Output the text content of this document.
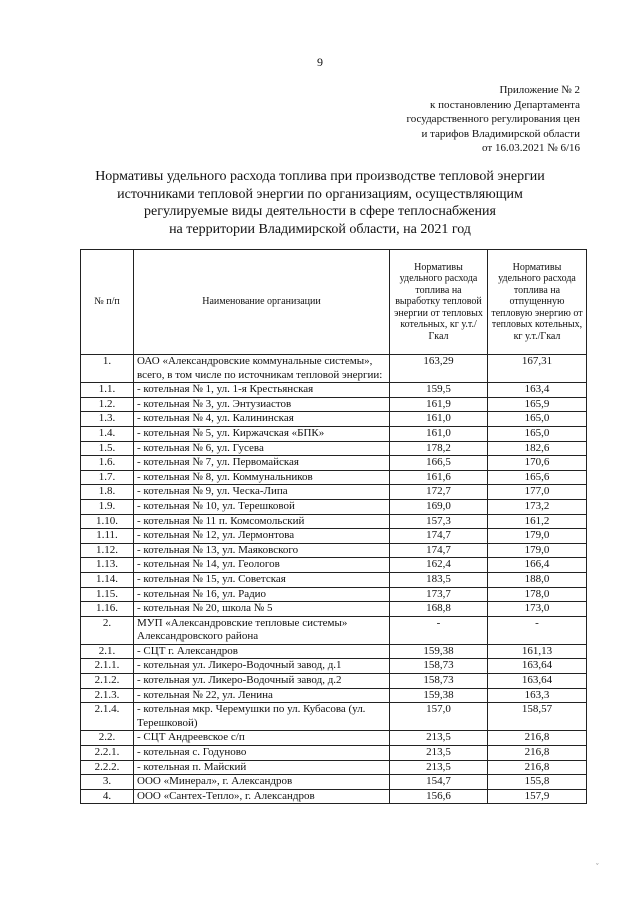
9
Приложение № 2
к постановлению Департамента
государственного регулирования цен
и тарифов Владимирской области
от 16.03.2021 № 6/16
Нормативы удельного расхода топлива при производстве тепловой энергии
источниками тепловой энергии по организациям, осуществляющим
регулируемые виды деятельности в сфере теплоснабжения
на территории Владимирской области, на 2021 год
№ п/п	Наименование организации	Нормативы удельного расхода топлива на выработку тепловой энергии от тепловых котельных, кг у.т./Гкал	Нормативы удельного расхода топлива на отпущенную тепловую энергию от тепловых котельных, кг у.т./Гкал
1.	ОАО «Александровские коммунальные системы», всего, в том числе по источникам тепловой энергии:	163,29	167,31
1.1.	- котельная № 1, ул. 1-я Крестьянская	159,5	163,4
1.2.	- котельная № 3, ул. Энтузиастов	161,9	165,9
1.3.	- котельная № 4, ул. Калининская	161,0	165,0
1.4.	- котельная № 5, ул. Киржачская «БПК»	161,0	165,0
1.5.	- котельная № 6, ул. Гусева	178,2	182,6
1.6.	- котельная № 7, ул. Первомайская	166,5	170,6
1.7.	- котельная № 8, ул. Коммунальников	161,6	165,6
1.8.	- котельная № 9, ул. Ческа-Липа	172,7	177,0
1.9.	- котельная № 10, ул. Терешковой	169,0	173,2
1.10.	- котельная № 11 п. Комсомольский	157,3	161,2
1.11.	- котельная № 12, ул. Лермонтова	174,7	179,0
1.12.	- котельная № 13, ул. Маяковского	174,7	179,0
1.13.	- котельная № 14, ул. Геологов	162,4	166,4
1.14.	- котельная № 15, ул. Советская	183,5	188,0
1.15.	- котельная № 16, ул. Радио	173,7	178,0
1.16.	- котельная № 20, школа № 5	168,8	173,0
2.	МУП «Александровские тепловые системы» Александровского района	-	-
2.1.	- СЦТ г. Александров	159,38	161,13
2.1.1.	- котельная ул. Ликеро-Водочный завод, д.1	158,73	163,64
2.1.2.	- котельная ул. Ликеро-Водочный завод, д.2	158,73	163,64
2.1.3.	- котельная № 22, ул. Ленина	159,38	163,3
2.1.4.	- котельная мкр. Черемушки по ул. Кубасова (ул. Терешковой)	157,0	158,57
2.2.	- СЦТ Андреевское с/п	213,5	216,8
2.2.1.	- котельная с. Годуново	213,5	216,8
2.2.2.	- котельная п. Майский	213,5	216,8
3.	ООО «Минерал», г. Александров	154,7	155,8
4.	ООО «Сантех-Тепло», г. Александров	156,6	157,9
ˇ
